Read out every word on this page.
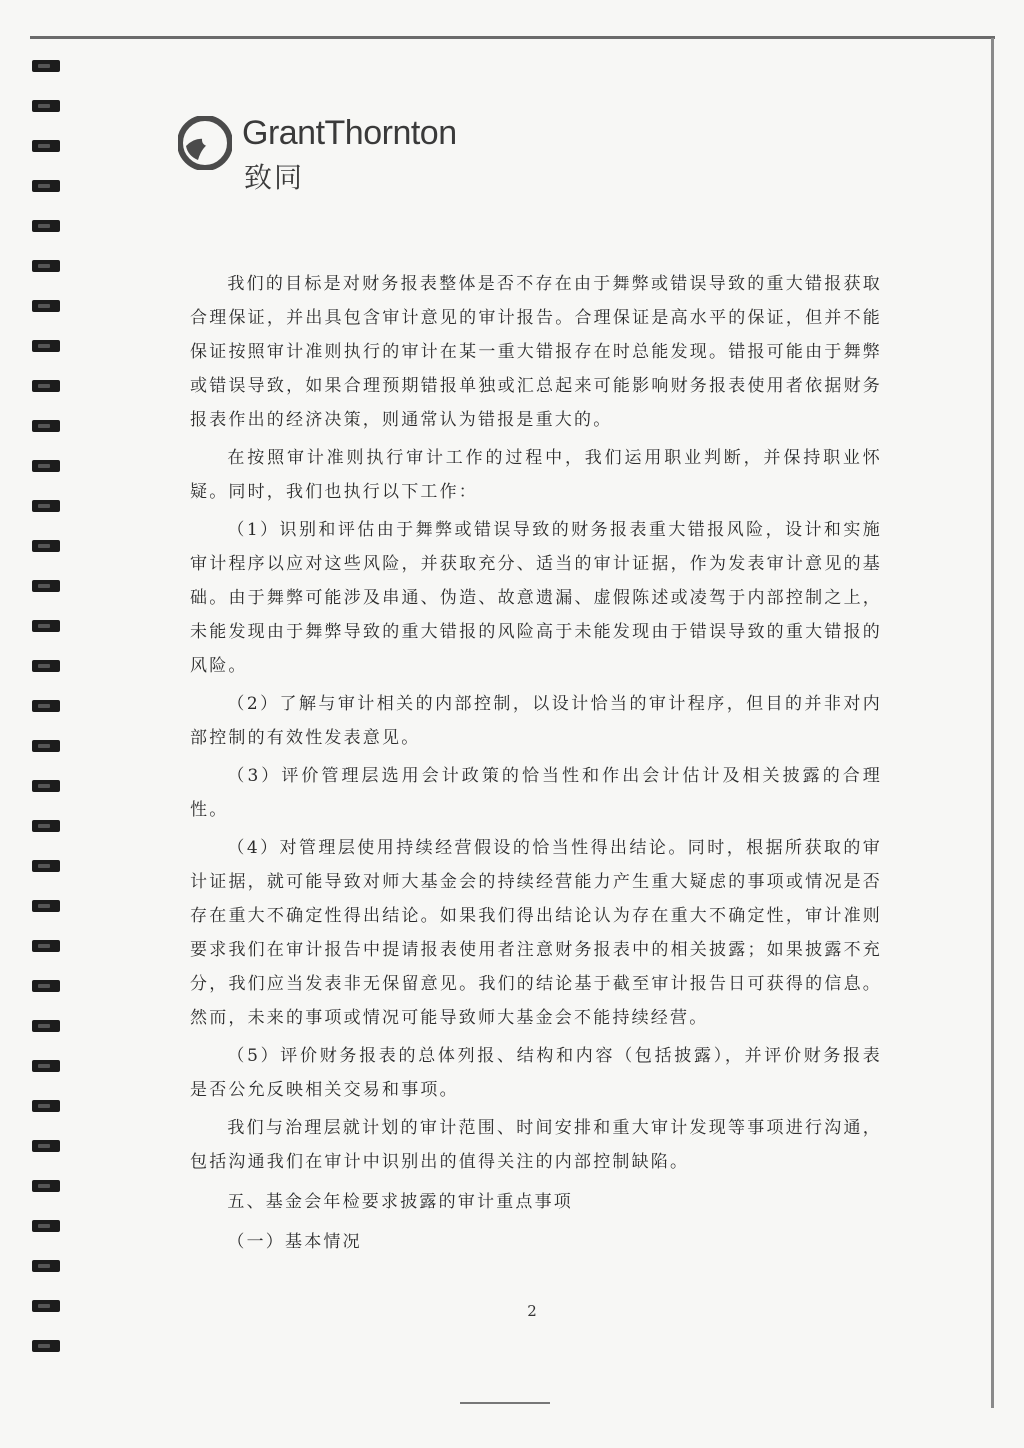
GrantThornton
致同

我们的目标是对财务报表整体是否不存在由于舞弊或错误导致的重大错报获取合理保证，并出具包含审计意见的审计报告。合理保证是高水平的保证，但并不能保证按照审计准则执行的审计在某一重大错报存在时总能发现。错报可能由于舞弊或错误导致，如果合理预期错报单独或汇总起来可能影响财务报表使用者依据财务报表作出的经济决策，则通常认为错报是重大的。

在按照审计准则执行审计工作的过程中，我们运用职业判断，并保持职业怀疑。同时，我们也执行以下工作：

（1）识别和评估由于舞弊或错误导致的财务报表重大错报风险，设计和实施审计程序以应对这些风险，并获取充分、适当的审计证据，作为发表审计意见的基础。由于舞弊可能涉及串通、伪造、故意遗漏、虚假陈述或凌驾于内部控制之上，未能发现由于舞弊导致的重大错报的风险高于未能发现由于错误导致的重大错报的风险。

（2）了解与审计相关的内部控制，以设计恰当的审计程序，但目的并非对内部控制的有效性发表意见。

（3）评价管理层选用会计政策的恰当性和作出会计估计及相关披露的合理性。

（4）对管理层使用持续经营假设的恰当性得出结论。同时，根据所获取的审计证据，就可能导致对师大基金会的持续经营能力产生重大疑虑的事项或情况是否存在重大不确定性得出结论。如果我们得出结论认为存在重大不确定性，审计准则要求我们在审计报告中提请报表使用者注意财务报表中的相关披露；如果披露不充分，我们应当发表非无保留意见。我们的结论基于截至审计报告日可获得的信息。然而，未来的事项或情况可能导致师大基金会不能持续经营。

（5）评价财务报表的总体列报、结构和内容（包括披露），并评价财务报表是否公允反映相关交易和事项。

我们与治理层就计划的审计范围、时间安排和重大审计发现等事项进行沟通，包括沟通我们在审计中识别出的值得关注的内部控制缺陷。

五、基金会年检要求披露的审计重点事项

（一）基本情况

2
